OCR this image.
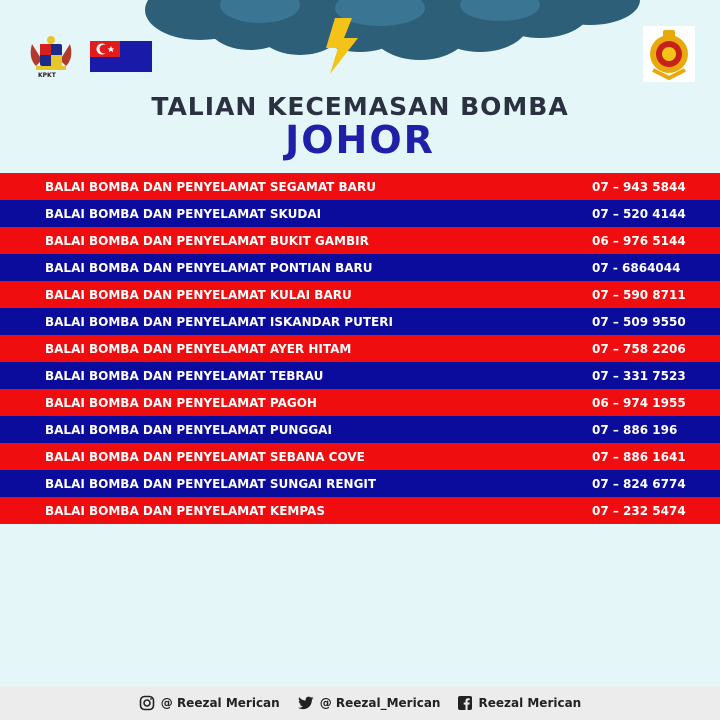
KPKT
TALIAN KECEMASAN BOMBA
JOHOR
BALAI BOMBA DAN PENYELAMAT SEGAMAT BARU	07 – 943 5844
BALAI BOMBA DAN PENYELAMAT SKUDAI	07 – 520 4144
BALAI BOMBA DAN PENYELAMAT BUKIT GAMBIR	06 – 976 5144
BALAI BOMBA DAN PENYELAMAT PONTIAN BARU	07 - 6864044
BALAI BOMBA DAN PENYELAMAT KULAI BARU	07 – 590 8711
BALAI BOMBA DAN PENYELAMAT ISKANDAR PUTERI	07 – 509 9550
BALAI BOMBA DAN PENYELAMAT AYER HITAM	07 – 758 2206
BALAI BOMBA DAN PENYELAMAT TEBRAU	07 – 331 7523
BALAI BOMBA DAN PENYELAMAT PAGOH	06 – 974 1955
BALAI BOMBA DAN PENYELAMAT PUNGGAI	07 – 886 196
BALAI BOMBA DAN PENYELAMAT SEBANA COVE	07 – 886 1641
BALAI BOMBA DAN PENYELAMAT SUNGAI RENGIT	07 – 824 6774
BALAI BOMBA DAN PENYELAMAT KEMPAS	07 – 232 5474
@ Reezal Merican	@ Reezal_Merican	Reezal Merican
